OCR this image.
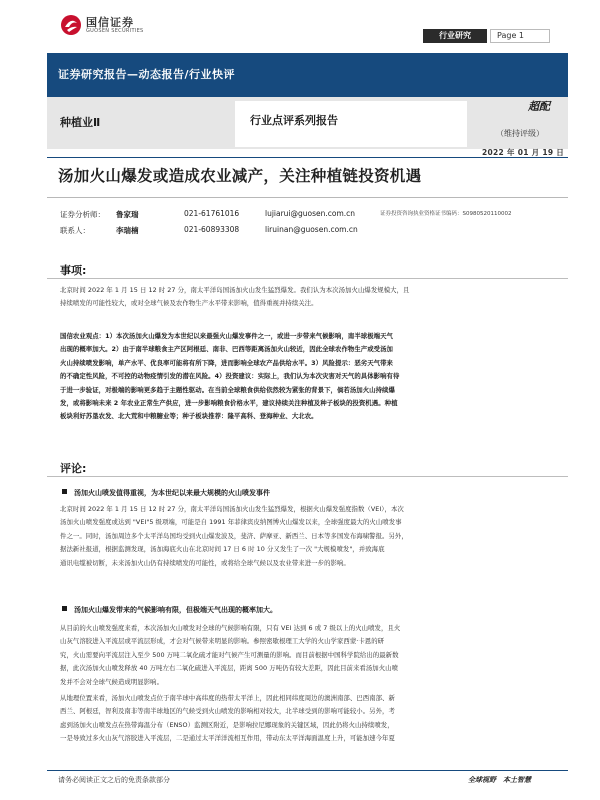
国信证券
GUOSEN SECURITIES	行业研究	Page 1
证券研究报告—动态报告/行业快评
种植业Ⅱ	行业点评系列报告
超配
（维持评级）
2022 年 01 月 19 日
汤加火山爆发或造成农业减产，关注种植链投资机遇
证券分析师： 鲁家瑞	021-61761016	lujiarui@guosen.com.cn	证券投资咨询执业资格证书编码：S0980520110002
联系人：	李瑞楠	021-60893308	liruinan@guosen.com.cn
事项:
北京时间 2022 年 1 月 15 日 12 时 27 分，南太平洋岛国汤加火山发生猛烈爆发。我们认为本次汤加火山爆发规模大，且
持续喷发的可能性较大，或对全球气候及农作物生产水平带来影响，值得重视并持续关注。
国信农业观点：1）本次汤加火山爆发为本世纪以来最强火山爆发事件之一，或进一步带来气候影响，南半球极端天气
出现的概率加大。2）由于南半球粮食主产区阿根廷、南非、巴西等距离汤加火山较近，因此全球农作物生产或受汤加
火山持续喷发影响，单产水平、优良率可能将有所下降，进而影响全球农产品供给水平。3）风险提示：恶劣天气带来
的不确定性风险，不可控的动物疫情引发的潜在风险。4）投资建议：实际上，我们认为本次灾害对天气的具体影响有待
于进一步验证，对极端的影响更多趋于主题性驱动。在当前全球粮食供给依然较为紧张的背景下，倘若汤加火山持续爆
发，或将影响未来 2 年农业正常生产供应，进一步影响粮食价格水平，建议持续关注种植及种子板块的投资机遇。种植
板块利好苏垦农发、北大荒和中粮糖业等；种子板块推荐：隆平高科、登海种业、大北农。
评论:
汤加火山喷发值得重视，为本世纪以来最大规模的火山喷发事件
北京时间 2022 年 1 月 15 日 12 时 27 分，南太平洋岛国汤加火山发生猛烈爆发，根据火山爆发强度指数（VEI），本次
汤加火山喷发强度或达到 "VEI"5 级项端，可能是自 1991 年菲律宾皮纳图博火山爆发以来，全球强度最大的火山喷发事
件之一。同时，汤加周边多个太平洋岛国均受到火山爆发波及，斐济、萨摩亚、新西兰、日本等多国发布海啸警报。另外，
据法新社报道，根据监测发现，汤加海底火山在北京时间 17 日 6 时 10 分又发生了一次 "大规模喷发"，并致海底
通讯电缆被切断，未来汤加火山仍有持续喷发的可能性，或将给全球气候以及农业带来进一步的影响。
汤加火山爆发带来的气候影响有限，但极端天气出现的概率加大。
从目前的火山喷发强度来看，本次汤加火山喷发对全球的气候影响有限，只有 VEI 达到 6 或 7 级以上的火山喷发，且火
山灰气溶胶进入平流层或平流层形成，才会对气候带来明显的影响。参照密歇根理工大学的火山学家西蒙·卡恩的研
究，火山需要向平流层注入至少 500 万吨二氧化硫才能对气候产生可测量的影响。而目前根据中国科学院给出的最新数
据，此次汤加火山喷发释放 40 万吨左右二氧化硫进入平流层，距离 500 万吨仍有较大差距，因此目前来看汤加火山喷
发并不会对全球气候造成明显影响。
从地理位置来看，汤加火山喷发点位于南半球中高纬度的热带太平洋上，因此相同纬度周边的澳洲南部、巴西南部、新
西兰、阿根廷，智利及南非等南半球地区的气候受到火山喷发的影响相对较大，北半球受到的影响可能较小。另外，考
虑到汤加火山喷发点在热带海温分布（ENSO）监测区附近，是影响拉尼娜现象的关键区域，因此仍将火山持续喷发，
一是导致过多火山灰气溶胶进入平流层，二是通过太平洋洋流相互作用，带动东太平洋海面温度上升，可能加速今年夏
请务必阅读正文之后的免责条款部分	全球视野　本土智慧
